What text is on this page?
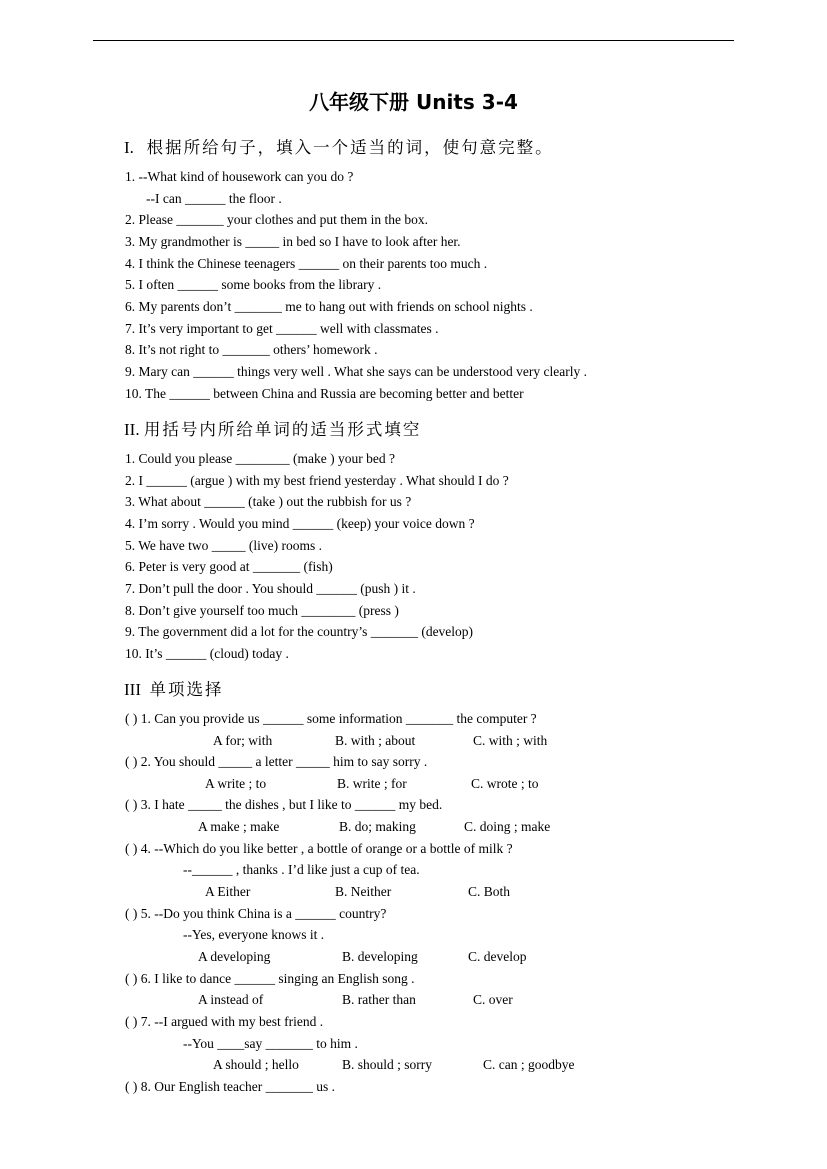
八年级下册 Units 3-4
I. 根据所给句子，填入一个适当的词，使句意完整。
1. --What kind of housework can you do ?
--I can ______ the floor .
2. Please _______ your clothes and put them in the box.
3. My grandmother is _____ in bed so I have to look after her.
4. I think the Chinese teenagers ______ on their parents too much .
5. I often ______ some books from the library .
6. My parents don’t _______ me to hang out with friends on school nights .
7. It’s very important to get ______ well with classmates .
8. It’s not right to _______ others’ homework .
9. Mary can ______ things very well . What she says can be understood very clearly .
10. The ______ between China and Russia are becoming better and better
II. 用括号内所给单词的适当形式填空
1. Could you please ________ (make ) your bed ?
2. I ______ (argue ) with my best friend yesterday . What should I do ?
3. What about ______ (take ) out the rubbish for us ?
4. I’m sorry . Would you mind ______ (keep) your voice down ?
5. We have two _____ (live) rooms .
6. Peter is very good at _______ (fish)
7. Don’t pull the door . You should ______ (push ) it .
8. Don’t give yourself too much ________ (press )
9. The government did a lot for the country’s _______ (develop)
10. It’s ______ (cloud) today .
III 单项选择
( ) 1. Can you provide us ______ some information _______ the computer ?
A for; with	B. with ; about	C. with ; with
( ) 2. You should _____ a letter _____ him to say sorry .
A write ; to	B. write ; for	C. wrote ; to
( ) 3. I hate _____ the dishes , but I like to ______ my bed.
A make ; make	B. do; making	C. doing ; make
( ) 4. --Which do you like better , a bottle of orange or a bottle of milk ?
--______ , thanks . I’d like just a cup of tea.
A Either	B. Neither	C. Both
( ) 5. --Do you think China is a ______ country?
--Yes, everyone knows it .
A developing	B. developing	C. develop
( ) 6. I like to dance ______ singing an English song .
A instead of	B. rather than	C. over
( ) 7. --I argued with my best friend .
--You ____say _______ to him .
A should ; hello	B. should ; sorry	C. can ; goodbye
( ) 8. Our English teacher _______ us .
